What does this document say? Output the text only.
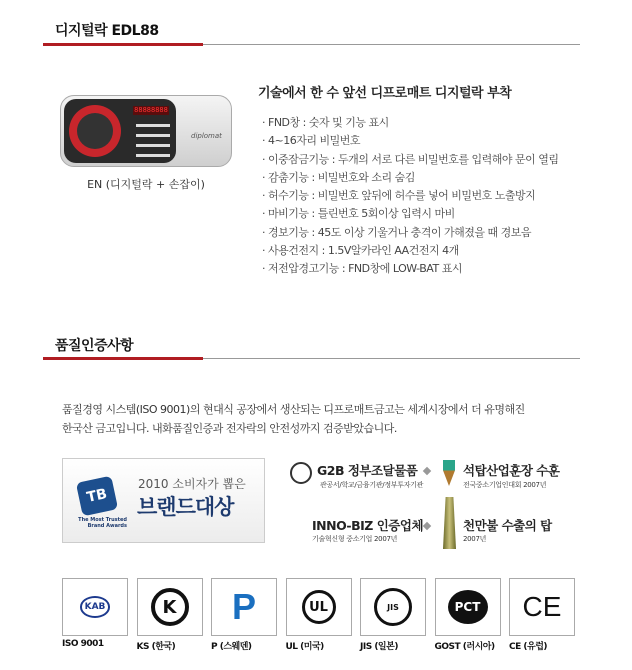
디지털락 EDL88
88888888
diplomat
EN (디지털락 + 손잡이)
기술에서 한 수 앞선 디프로매트 디지털락 부착
· FND창 : 숫자 및 기능 표시
· 4~16자리 비밀번호
· 이중잠금기능 : 두개의 서로 다른 비밀번호를 입력해야 문이 열림
· 감춤기능 : 비밀번호와 소리 숨김
· 허수기능 : 비밀번호 앞뒤에 허수를 넣어 비밀번호 노출방지
· 마비기능 : 틀린번호 5회이상 입력시 마비
· 경보기능 : 45도 이상 기울거나 충격이 가해졌을 때 경보음
· 사용건전지 : 1.5V알카라인 AA건전지 4개
· 저전압경고기능 : FND창에 LOW-BAT 표시
품질인증사항
품질경영 시스템(ISO 9001)의 현대식 공장에서 생산되는 디프로매트금고는 세계시장에서 더 유명해진
한국산 금고입니다. 내화품질인증과 전자락의 안전성까지 검증받았습니다.
TB
The Most Trusted Brand Awards
2010 소비자가 뽑은
브랜드대상
G2B 정부조달물품
관공서/학교/금융기관/정부투자기관
석탑산업훈장 수훈
전국중소기업인대회 2007년
INNO-BIZ 인증업체
기술혁신형 중소기업 2007년
천만불 수출의 탑
2007년
KAB
ISO 9001
K
KS (한국)
P
P (스웨덴)
UL
UL (미국)
JIS
JIS (일본)
PCT
GOST (러시아)
CE
CE (유럽)
